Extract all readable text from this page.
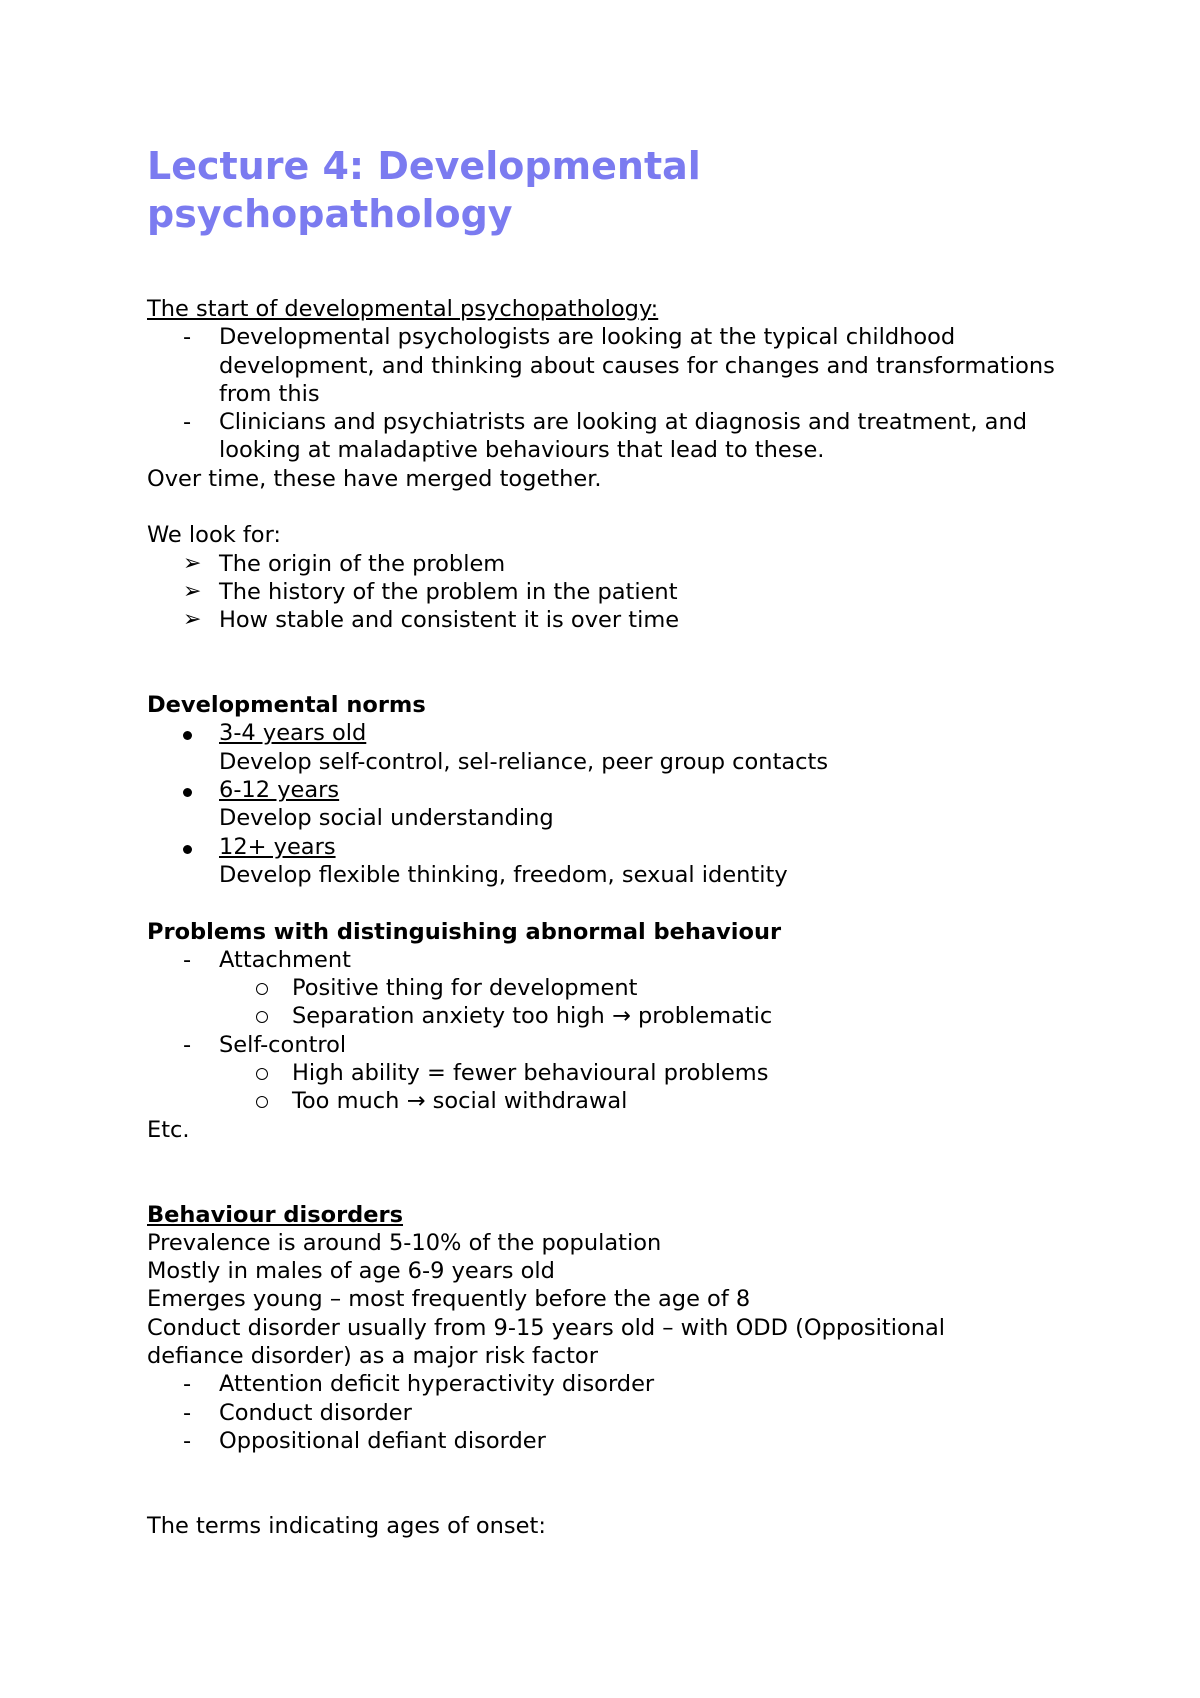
Lecture 4: Developmental psychopathology
The start of developmental psychopathology:
- Developmental psychologists are looking at the typical childhood development, and thinking about causes for changes and transformations from this
- Clinicians and psychiatrists are looking at diagnosis and treatment, and looking at maladaptive behaviours that lead to these.
Over time, these have merged together.
We look for:
➢ The origin of the problem
➢ The history of the problem in the patient
➢ How stable and consistent it is over time
Developmental norms
3-4 years old
Develop self-control, sel-reliance, peer group contacts
6-12 years
Develop social understanding
12+ years
Develop flexible thinking, freedom, sexual identity
Problems with distinguishing abnormal behaviour
- Attachment
Positive thing for development
Separation anxiety too high → problematic
- Self-control
High ability = fewer behavioural problems
Too much → social withdrawal
Etc.
Behaviour disorders
Prevalence is around 5-10% of the population
Mostly in males of age 6-9 years old
Emerges young – most frequently before the age of 8
Conduct disorder usually from 9-15 years old – with ODD (Oppositional
defiance disorder) as a major risk factor
- Attention deficit hyperactivity disorder
- Conduct disorder
- Oppositional defiant disorder
The terms indicating ages of onset:
